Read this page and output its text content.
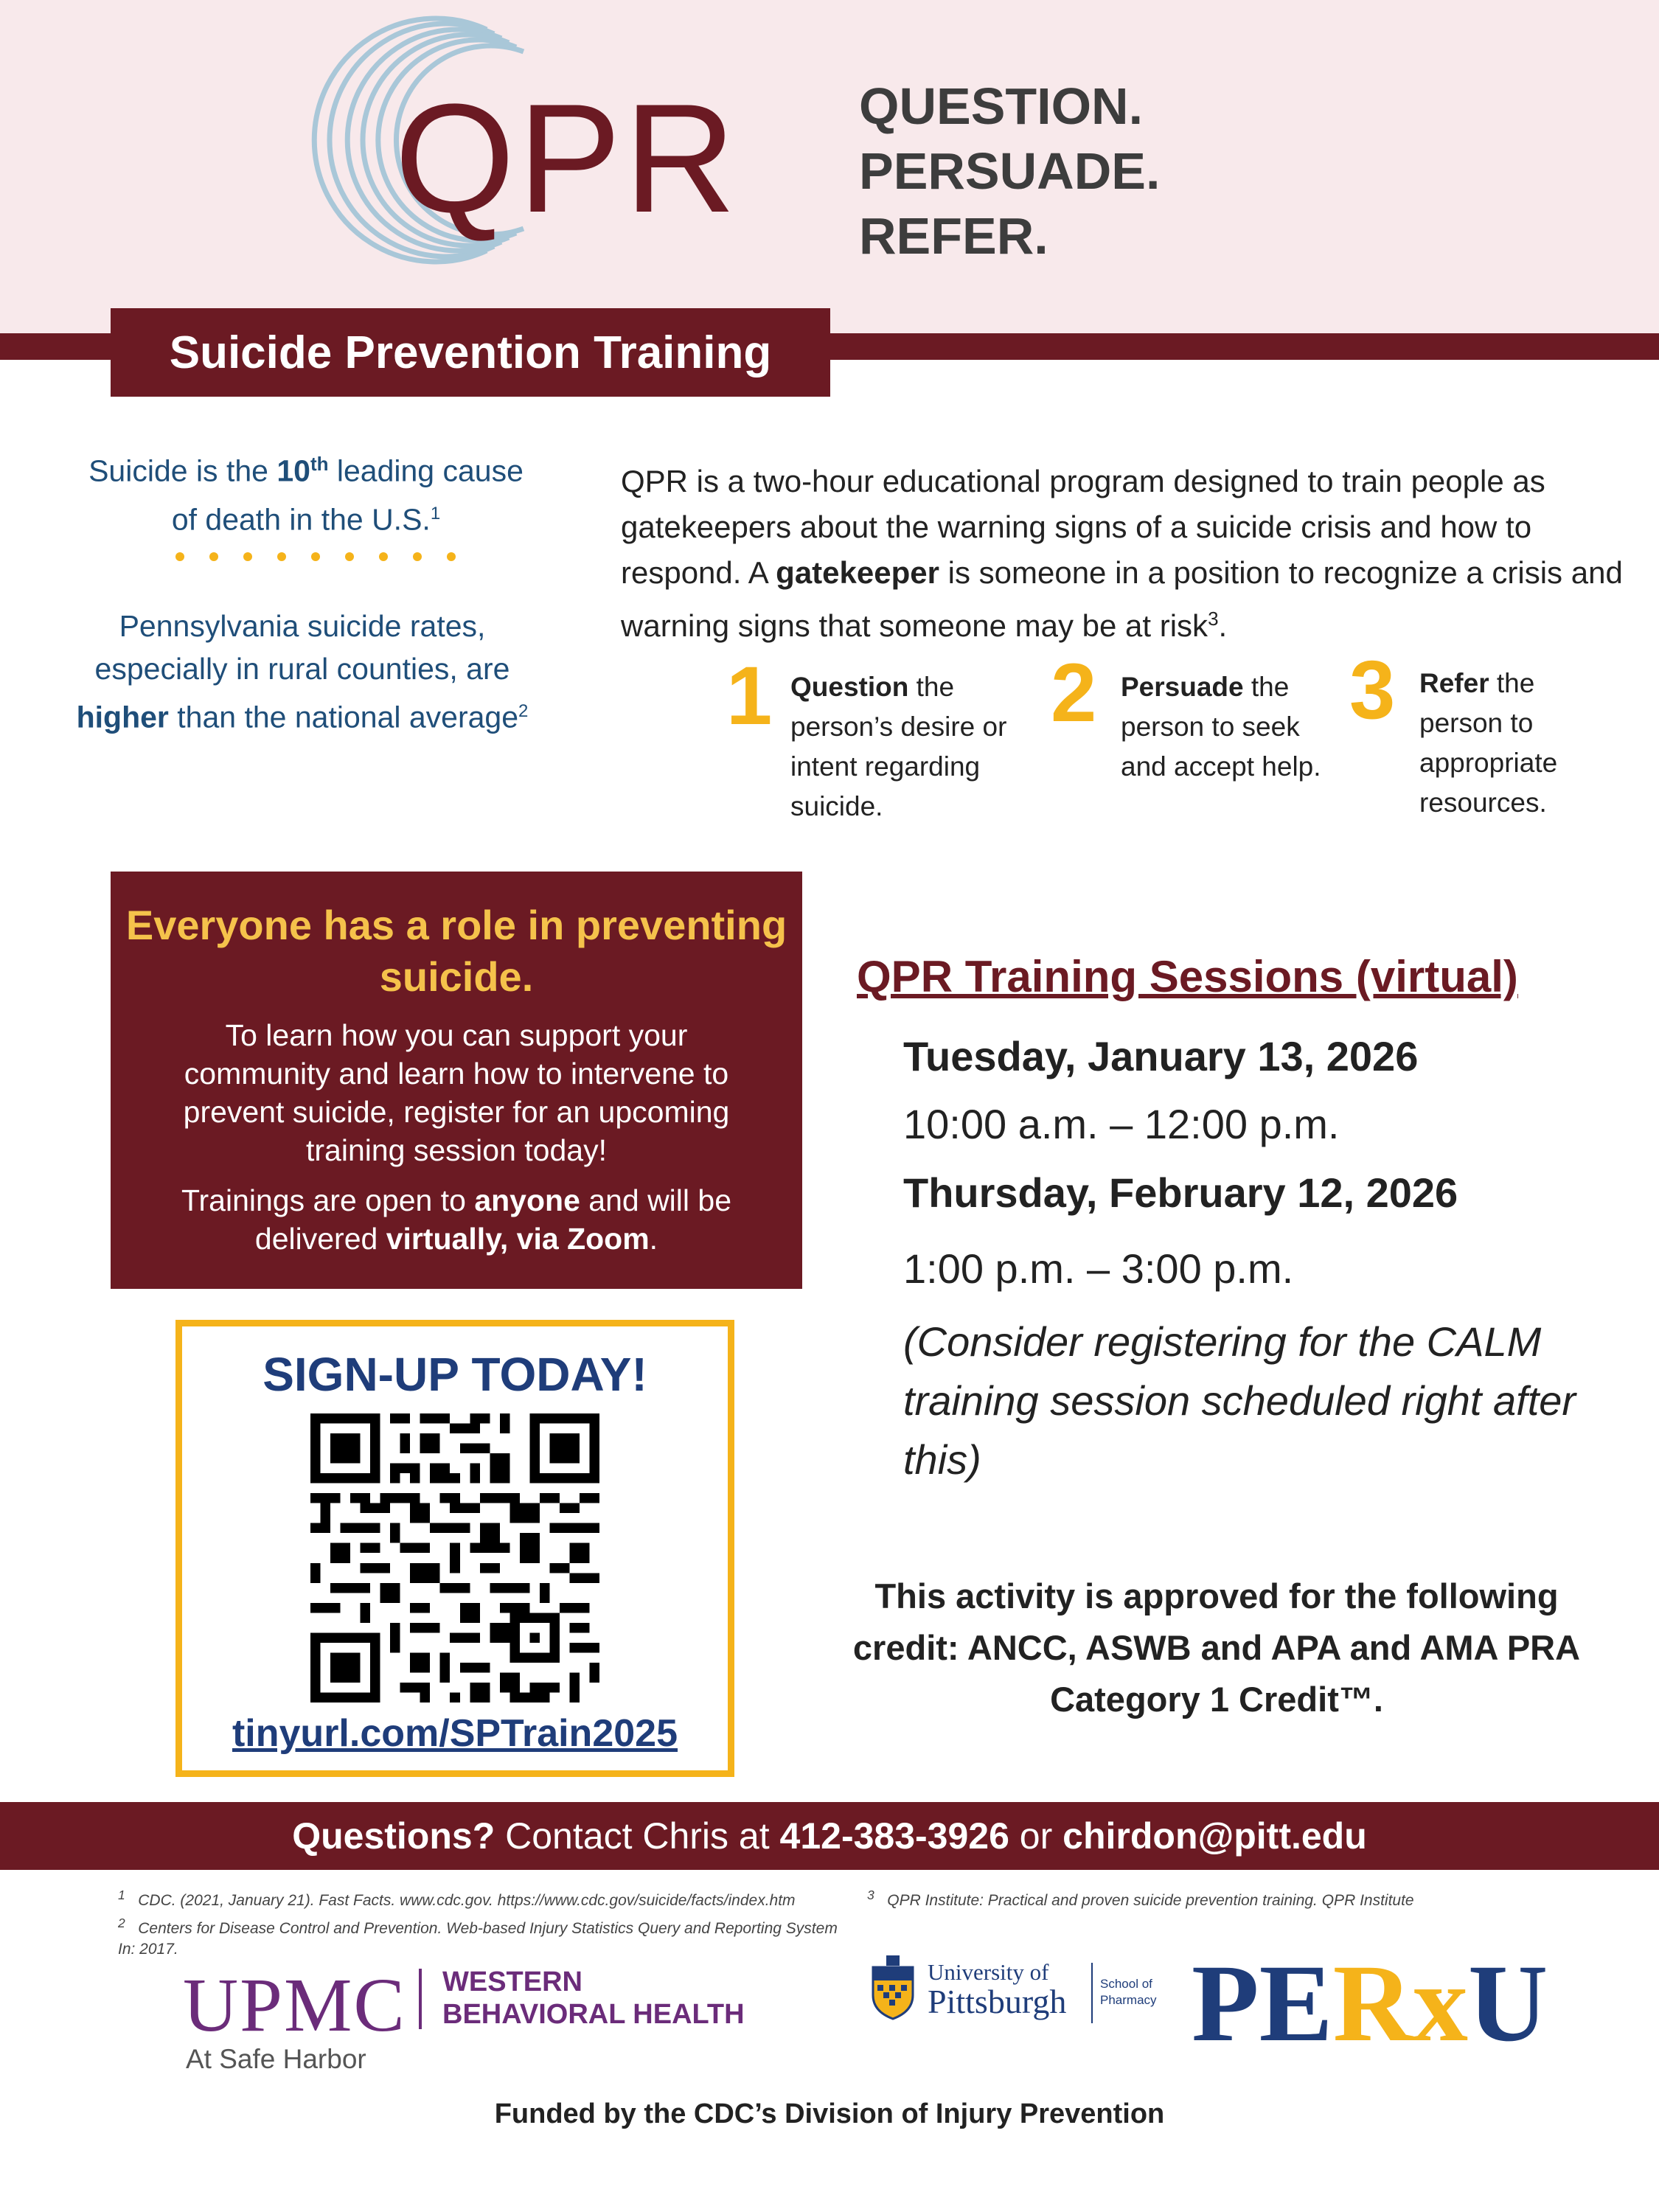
QPR QUESTION.
PERSUADE.
REFER.
Suicide Prevention Training
Suicide is the 10th leading cause of death in the U.S.$^1$
Pennsylvania suicide rates, especially in rural counties, are higher than the national average$^2$
QPR is a two-hour educational program designed to train people as gatekeepers about the warning signs of a suicide crisis and how to respond. A gatekeeper is someone in a position to recognize a crisis and warning signs that someone may be at risk$^3$.
1 Question the person’s desire or intent regarding suicide.
2 Persuade the person to seek and accept help.
3 Refer the person to appropriate resources.
Everyone has a role in preventing suicide.
To learn how you can support your community and learn how to intervene to prevent suicide, register for an upcoming training session today!
Trainings are open to anyone and will be delivered virtually, via Zoom.
SIGN-UP TODAY!
tinyurl.com/SPTrain2025
QPR Training Sessions (virtual)
Tuesday, January 13, 2026
10:00 a.m. – 12:00 p.m.
Thursday, February 12, 2026
1:00 p.m. – 3:00 p.m.
(Consider registering for the CALM training session scheduled right after this)
This activity is approved for the following credit: ANCC, ASWB and APA and AMA PRA Category 1 Credit™.
Questions? Contact Chris at 412-383-3926 or chirdon@pitt.edu
$^1$ CDC. (2021, January 21). Fast Facts. www.cdc.gov. https://www.cdc.gov/suicide/facts/index.htm
$^2$ Centers for Disease Control and Prevention. Web-based Injury Statistics Query and Reporting System In: 2017.
$^3$ QPR Institute: Practical and proven suicide prevention training. QPR Institute
UPMC WESTERN
BEHAVIORAL HEALTH
At Safe Harbor
University of
Pittsburgh	School of
Pharmacy PERxU
Funded by the CDC’s Division of Injury Prevention
